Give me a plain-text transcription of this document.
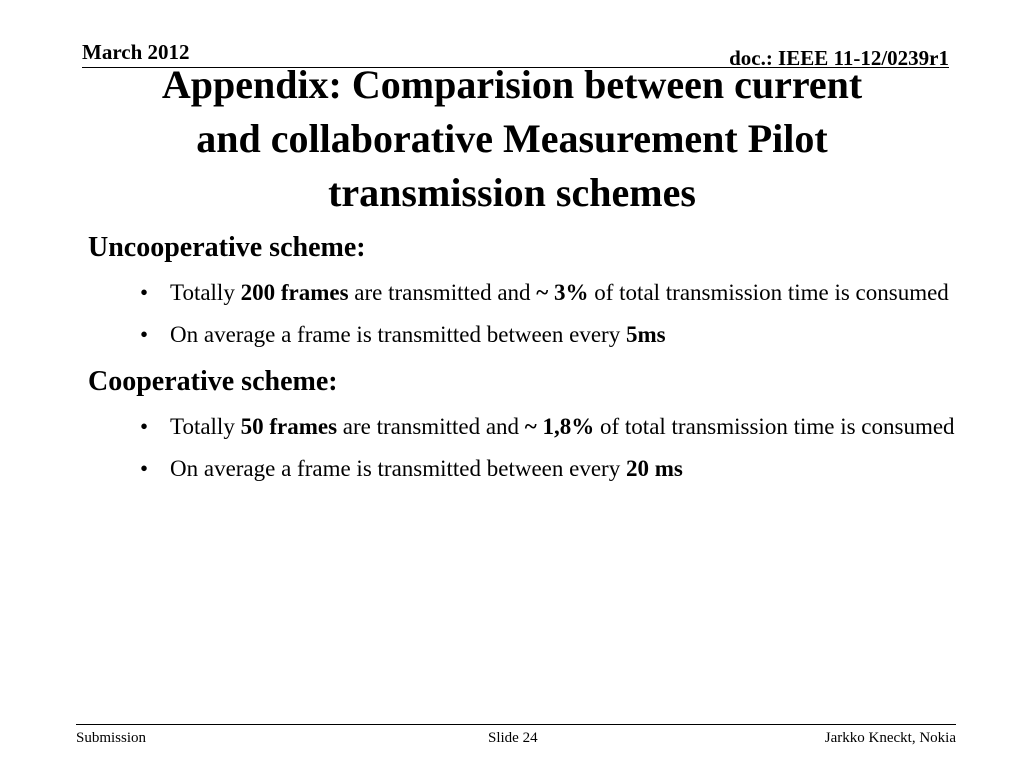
March 2012	doc.: IEEE 11-12/0239r1
Appendix: Comparision between current
and collaborative Measurement Pilot
transmission schemes

Uncooperative scheme:

• Totally 200 frames are transmitted and ~ 3% of total transmission time is consumed
• On average a frame is transmitted between every 5ms

Cooperative scheme:

• Totally 50 frames are transmitted and ~ 1,8% of total transmission time is consumed
• On average a frame is transmitted between every 20 ms
Submission	Slide 24	Jarkko Kneckt, Nokia
